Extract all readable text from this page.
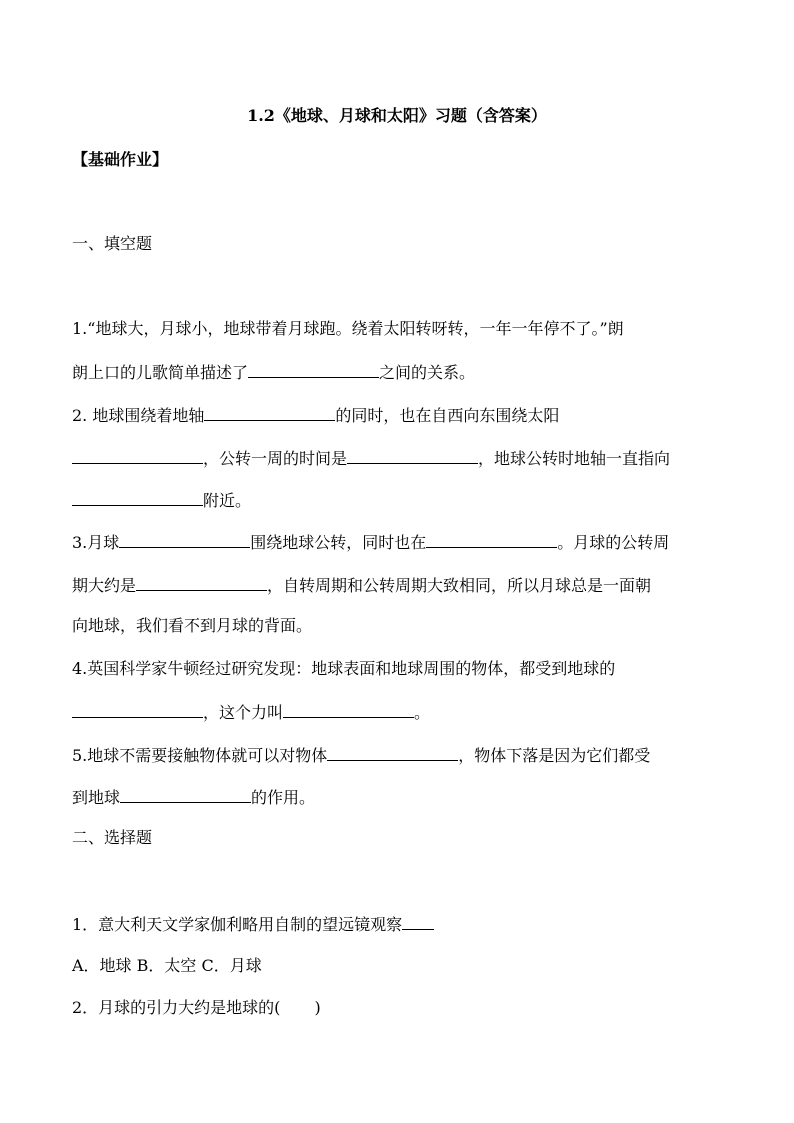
1.2《地球、月球和太阳》习题（含答案）
【基础作业】
一、填空题
1.“地球大，月球小，地球带着月球跑。绕着太阳转呀转，一年一年停不了。”朗
朗上口的儿歌简单描述了	之间的关系。
2. 地球围绕着地轴	的同时，也在自西向东围绕太阳
，公转一周的时间是	，地球公转时地轴一直指向
附近。
3.月球	围绕地球公转，同时也在	。月球的公转周
期大约是	，自转周期和公转周期大致相同，所以月球总是一面朝
向地球，我们看不到月球的背面。
4.英国科学家牛顿经过研究发现：地球表面和地球周围的物体，都受到地球的
，这个力叫	。
5.地球不需要接触物体就可以对物体	，物体下落是因为它们都受
到地球	的作用。
二、选择题
1．意大利天文学家伽利略用自制的望远镜观察
A．地球 B．太空 C．月球
2．月球的引力大约是地球的( )
